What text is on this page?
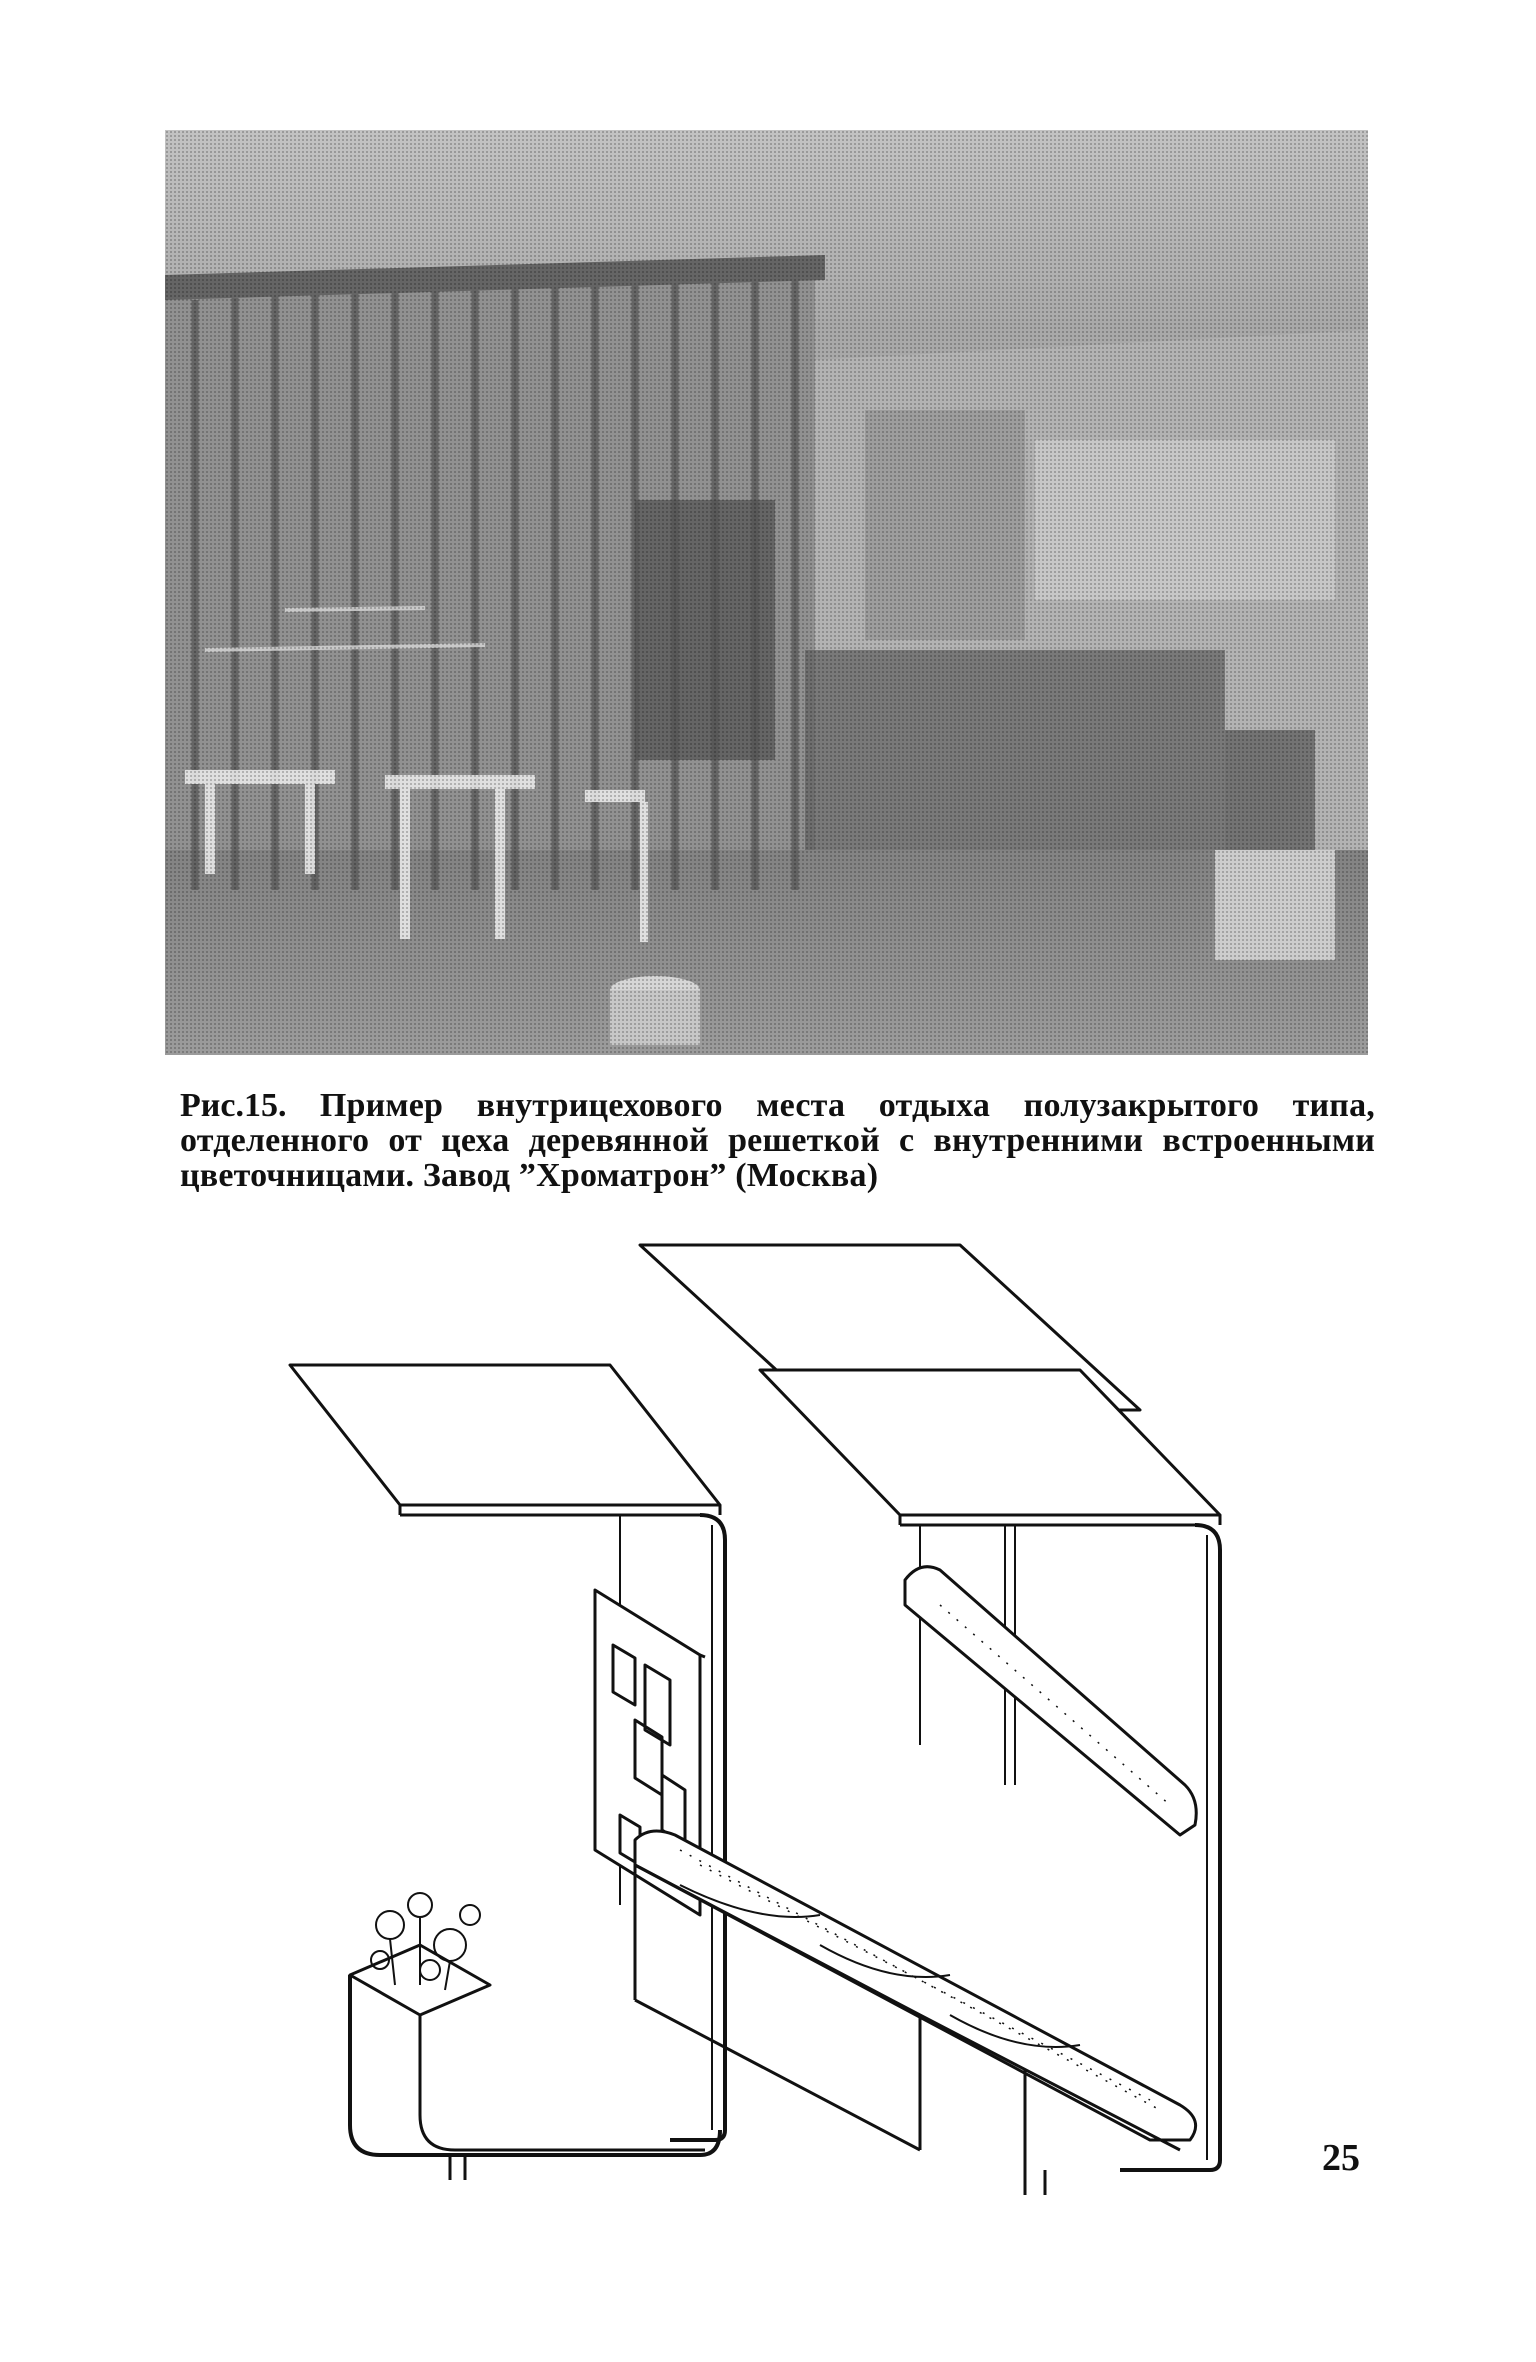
Рис.15. Пример внутрицехового места отдыха полузакрытого типа, отделенного от цеха деревянной решеткой с внутренними встроенными цветочницами. Завод ”Хроматрон” (Москва)
25
